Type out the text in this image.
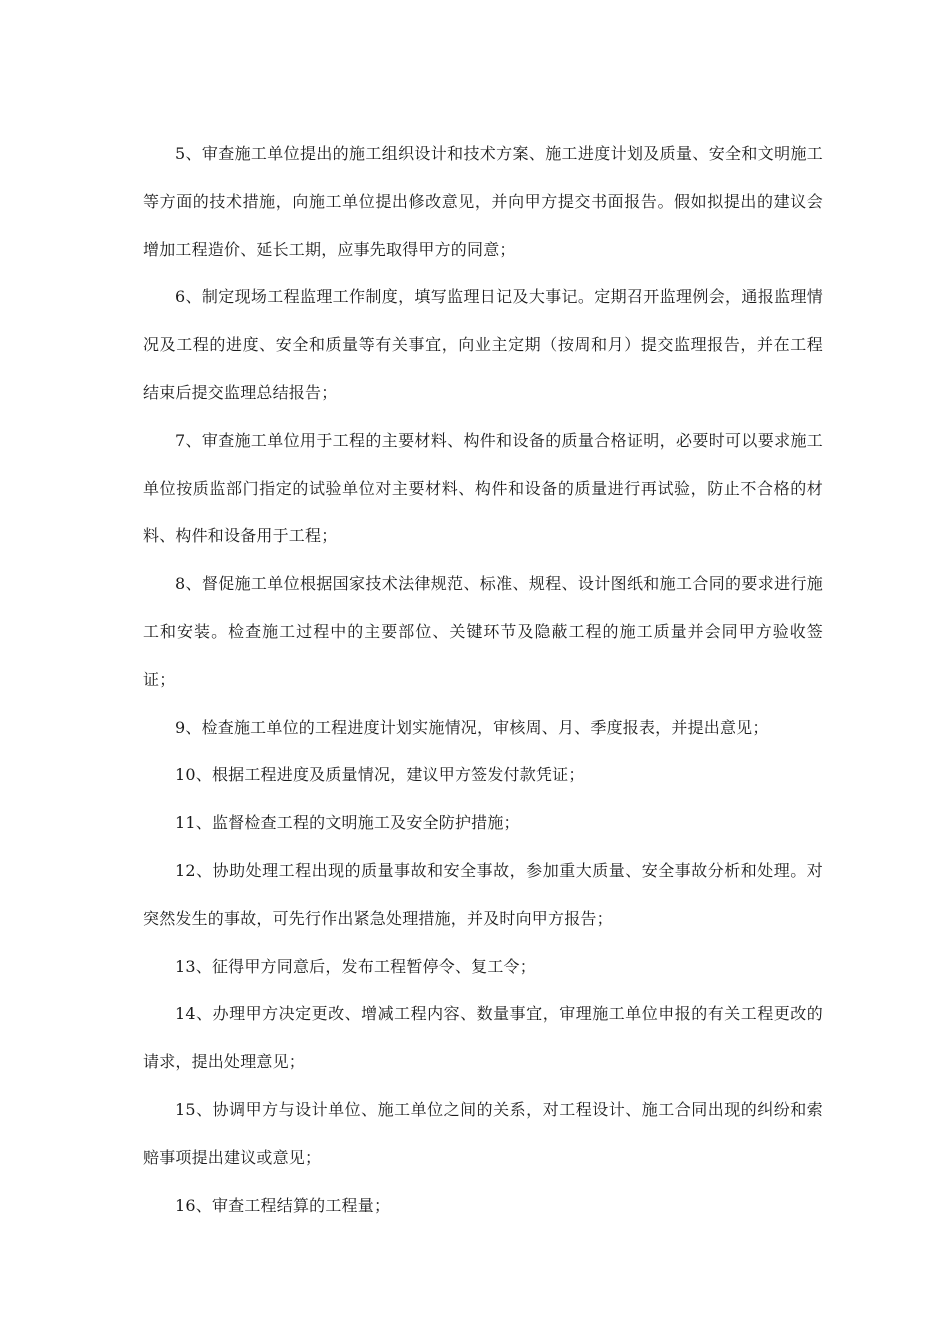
5、审查施工单位提出的施工组织设计和技术方案、施工进度计划及质量、安全和文明施工等方面的技术措施，向施工单位提出修改意见，并向甲方提交书面报告。假如拟提出的建议会增加工程造价、延长工期，应事先取得甲方的同意；

6、制定现场工程监理工作制度，填写监理日记及大事记。定期召开监理例会，通报监理情况及工程的进度、安全和质量等有关事宜，向业主定期（按周和月）提交监理报告，并在工程结束后提交监理总结报告；

7、审查施工单位用于工程的主要材料、构件和设备的质量合格证明，必要时可以要求施工单位按质监部门指定的试验单位对主要材料、构件和设备的质量进行再试验，防止不合格的材料、构件和设备用于工程；

8、督促施工单位根据国家技术法律规范、标准、规程、设计图纸和施工合同的要求进行施工和安装。检查施工过程中的主要部位、关键环节及隐蔽工程的施工质量并会同甲方验收签证；

9、检查施工单位的工程进度计划实施情况，审核周、月、季度报表，并提出意见；

10、根据工程进度及质量情况，建议甲方签发付款凭证；

11、监督检查工程的文明施工及安全防护措施；

12、协助处理工程出现的质量事故和安全事故，参加重大质量、安全事故分析和处理。对突然发生的事故，可先行作出紧急处理措施，并及时向甲方报告；

13、征得甲方同意后，发布工程暂停令、复工令；

14、办理甲方决定更改、增减工程内容、数量事宜，审理施工单位申报的有关工程更改的请求，提出处理意见；

15、协调甲方与设计单位、施工单位之间的关系，对工程设计、施工合同出现的纠纷和索赔事项提出建议或意见；

16、审查工程结算的工程量；
